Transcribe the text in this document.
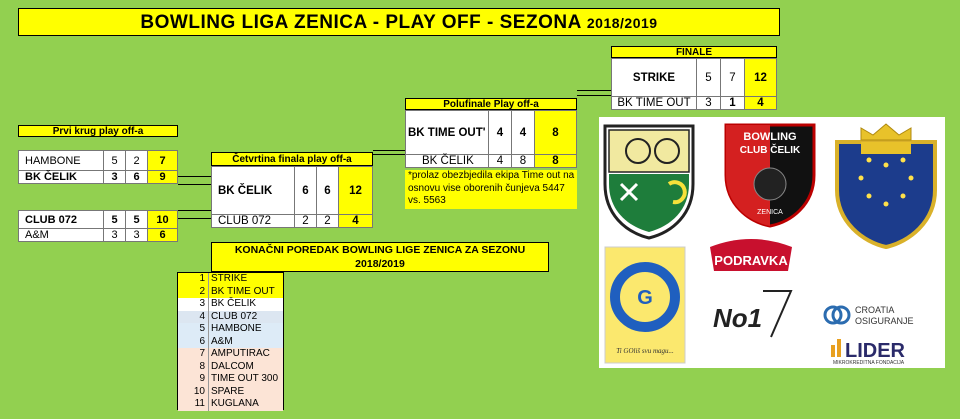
BOWLING LIGA ZENICA - PLAY OFF - SEZONA 2018/2019
Prvi krug play off-a
HAMBONE	5	2	7
BK ČELIK	3	6	9
CLUB 072	5	5	10
A&M	3	3	6
Četvrtina finala play off-a
BK ČELIK	6	6	12
CLUB 072	2	2	4
Polufinale Play off-a
BK TIME OUT'	4	4	8
BK ČELIK	4	8	8
*prolaz obezbjedila ekipa Time out na osnovu vise oborenih čunjeva 5447 vs. 5563
FINALE
STRIKE	5	7	12
BK TIME OUT	3	1	4
KONAČNI POREDAK BOWLING LIGE ZENICA ZA SEZONU 2018/2019
1 STRIKE
2 BK TIME OUT
3 BK ČELIK
4 CLUB 072
5 HAMBONE
6 A&M
7 AMPUTIRAC
8 DALCOM
9 TIME OUT 300
10 SPARE
11 KUGLANA
BOWLING
CLUB ČELIK
ZENICA
PODRAVKA
G
Ti GOliš svu magu...
No1	CROATIA
OSIGURANJE
LIDER
MIKROKREDITNA FONDACIJA
